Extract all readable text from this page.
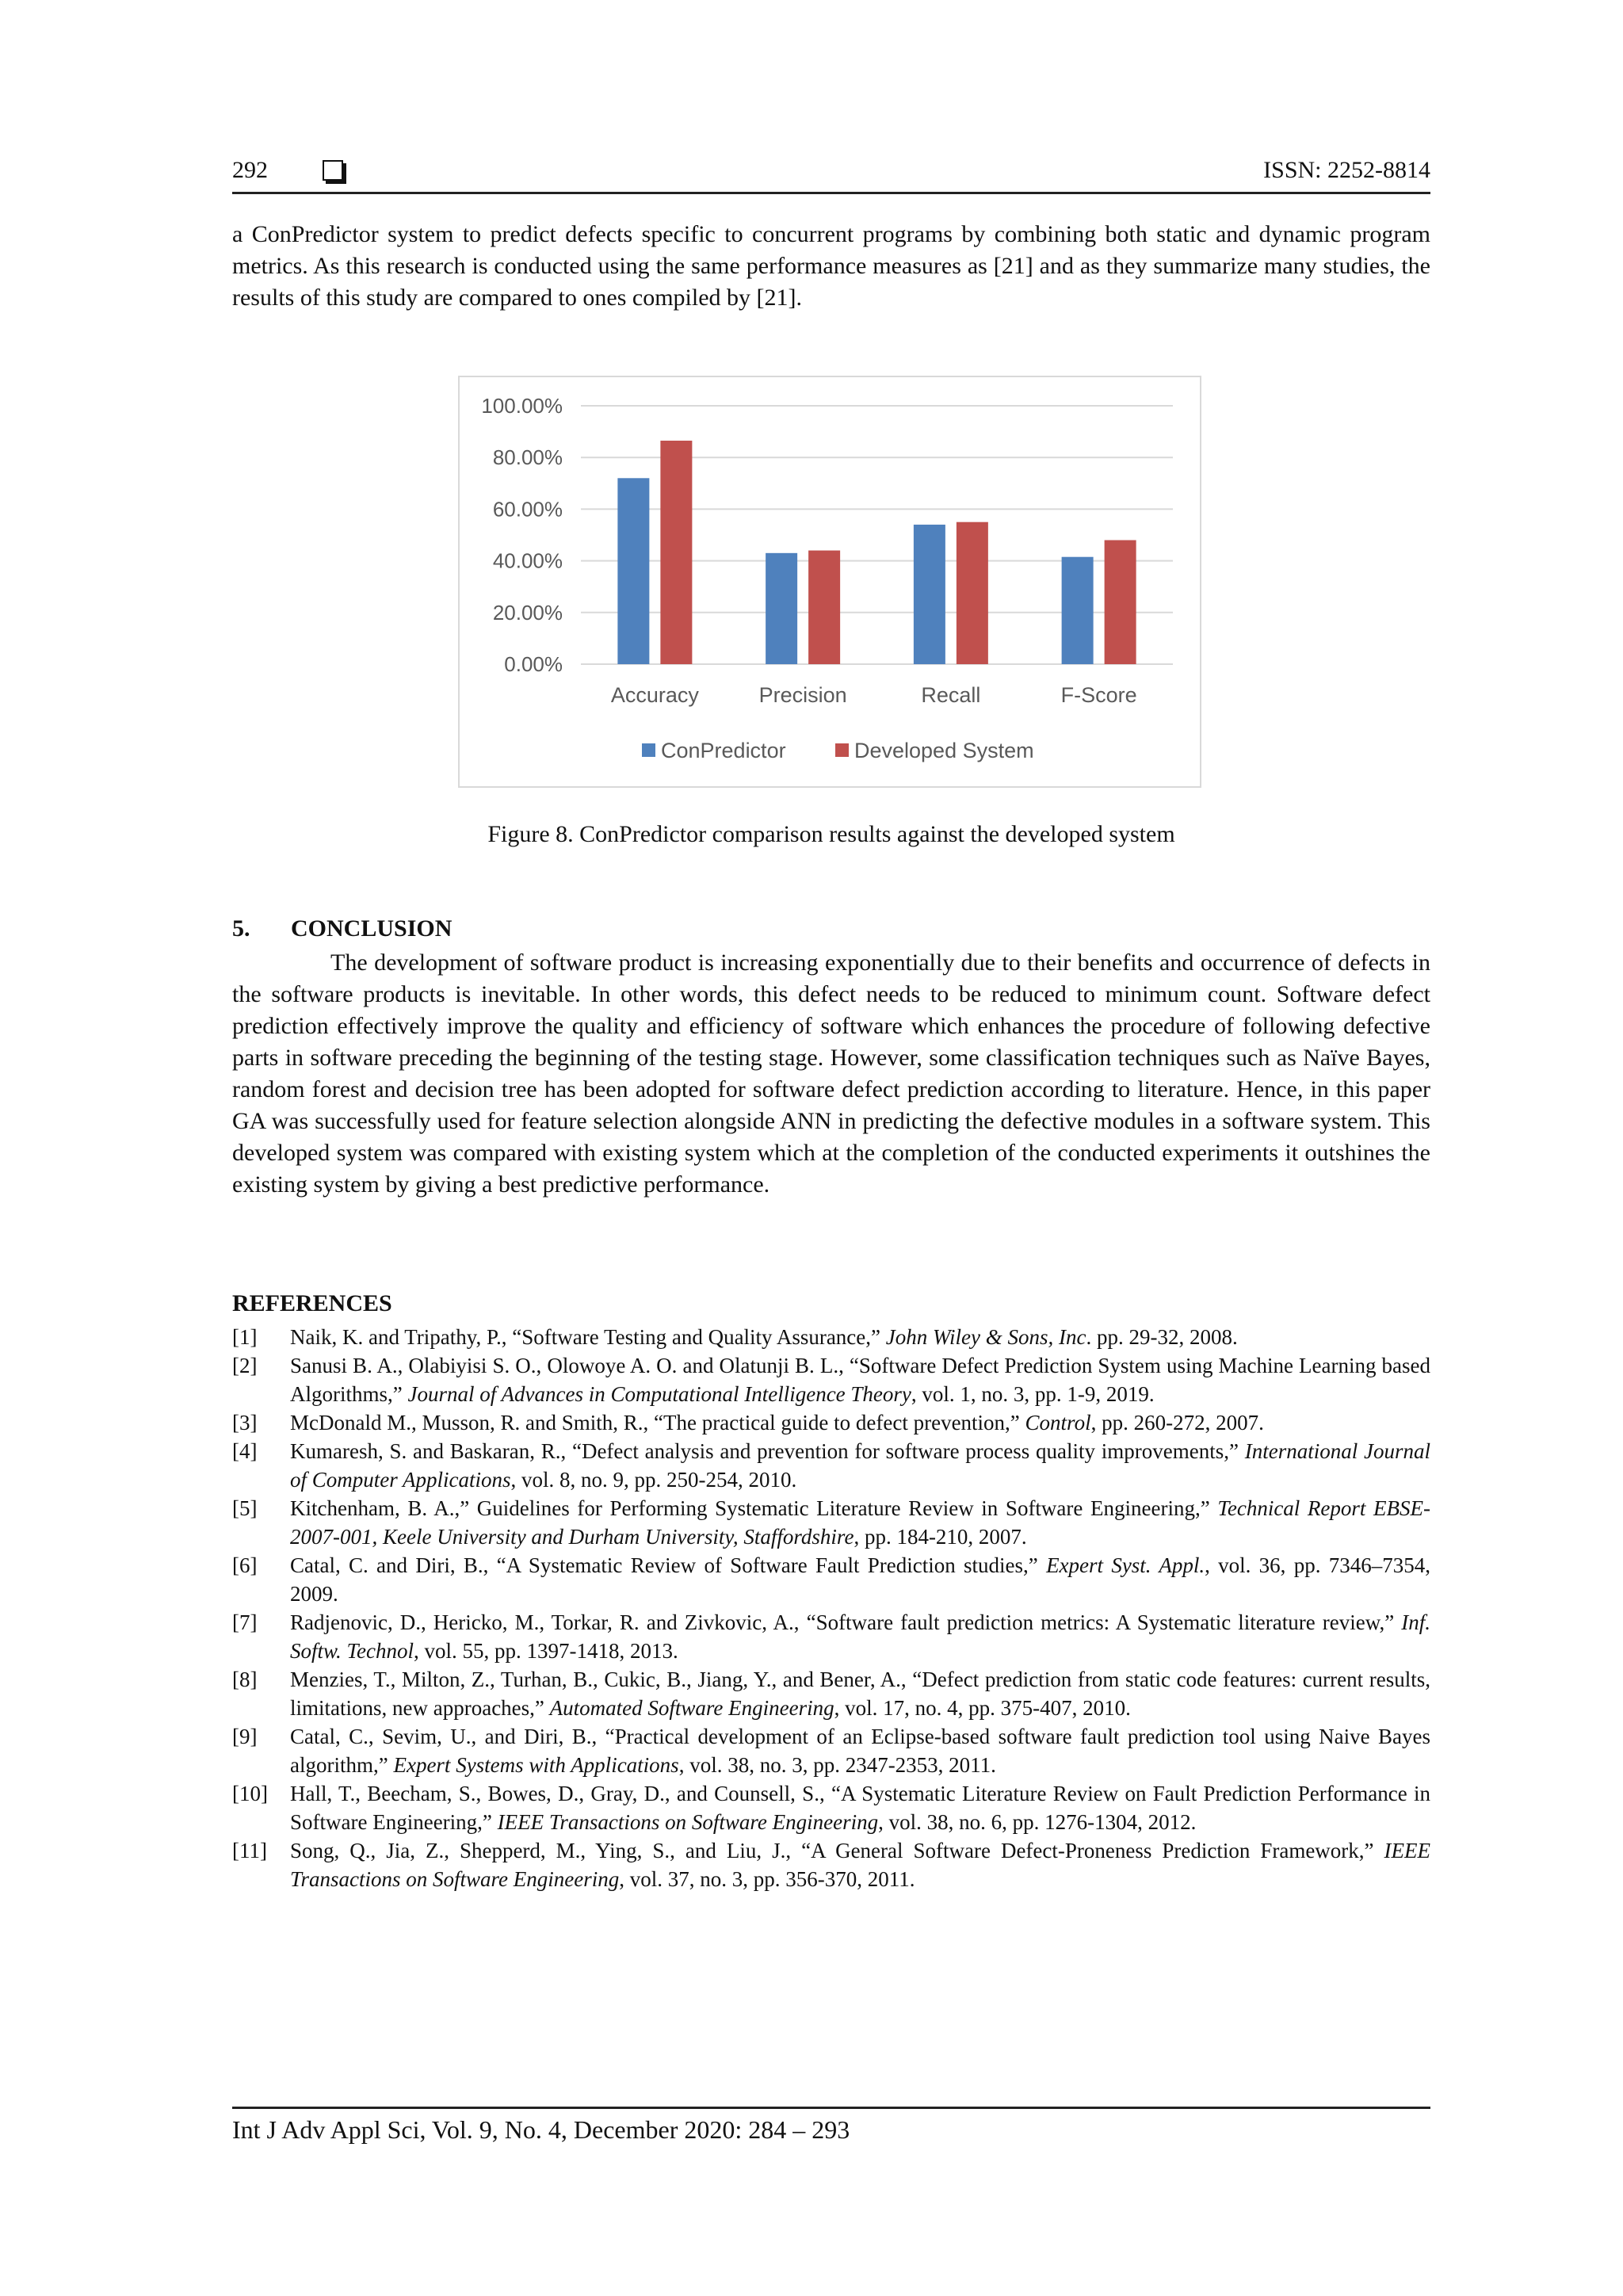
292	ISSN: 2252-8814

a ConPredictor system to predict defects specific to concurrent programs by combining both static and dynamic program metrics. As this research is conducted using the same performance measures as [21] and as they summarize many studies, the results of this study are compared to ones compiled by [21].

0.00%
20.00%
40.00%
60.00%
80.00%
100.00%
Accuracy	Precision	Recall	F-Score
ConPredictor	Developed System
Figure 8. ConPredictor comparison results against the developed system
5. CONCLUSION

The development of software product is increasing exponentially due to their benefits and occurrence of defects in the software products is inevitable. In other words, this defect needs to be reduced to minimum count. Software defect prediction effectively improve the quality and efficiency of software which enhances the procedure of following defective parts in software preceding the beginning of the testing stage. However, some classification techniques such as Naïve Bayes, random forest and decision tree has been adopted for software defect prediction according to literature. Hence, in this paper GA was successfully used for feature selection alongside ANN in predicting the defective modules in a software system. This developed system was compared with existing system which at the completion of the conducted experiments it outshines the existing system by giving a best predictive performance.

REFERENCES
[1]	Naik, K. and Tripathy, P., “Software Testing and Quality Assurance,” John Wiley & Sons, Inc. pp. 29-32, 2008.
[2]	Sanusi B. A., Olabiyisi S. O., Olowoye A. O. and Olatunji B. L., “Software Defect Prediction System using Machine Learning based Algorithms,” Journal of Advances in Computational Intelligence Theory, vol. 1, no. 3, pp. 1-9, 2019.
[3]	McDonald M., Musson, R. and Smith, R., “The practical guide to defect prevention,” Control, pp. 260-272, 2007.
[4]	Kumaresh, S. and Baskaran, R., “Defect analysis and prevention for software process quality improvements,” International Journal of Computer Applications, vol. 8, no. 9, pp. 250-254, 2010.
[5]	Kitchenham, B. A.,” Guidelines for Performing Systematic Literature Review in Software Engineering,” Technical Report EBSE-2007-001, Keele University and Durham University, Staffordshire, pp. 184-210, 2007.
[6]	Catal, C. and Diri, B., “A Systematic Review of Software Fault Prediction studies,” Expert Syst. Appl., vol. 36, pp. 7346–7354, 2009.
[7]	Radjenovic, D., Hericko, M., Torkar, R. and Zivkovic, A., “Software fault prediction metrics: A Systematic literature review,” Inf. Softw. Technol, vol. 55, pp. 1397-1418, 2013.
[8]	Menzies, T., Milton, Z., Turhan, B., Cukic, B., Jiang, Y., and Bener, A., “Defect prediction from static code features: current results, limitations, new approaches,” Automated Software Engineering, vol. 17, no. 4, pp. 375-407, 2010.
[9]	Catal, C., Sevim, U., and Diri, B., “Practical development of an Eclipse-based software fault prediction tool using Naive Bayes algorithm,” Expert Systems with Applications, vol. 38, no. 3, pp. 2347-2353, 2011.
[10]	Hall, T., Beecham, S., Bowes, D., Gray, D., and Counsell, S., “A Systematic Literature Review on Fault Prediction Performance in Software Engineering,” IEEE Transactions on Software Engineering, vol. 38, no. 6, pp. 1276-1304, 2012.
[11]	Song, Q., Jia, Z., Shepperd, M., Ying, S., and Liu, J., “A General Software Defect-Proneness Prediction Framework,” IEEE Transactions on Software Engineering, vol. 37, no. 3, pp. 356-370, 2011.
Int J Adv Appl Sci, Vol. 9, No. 4, December 2020: 284 – 293
